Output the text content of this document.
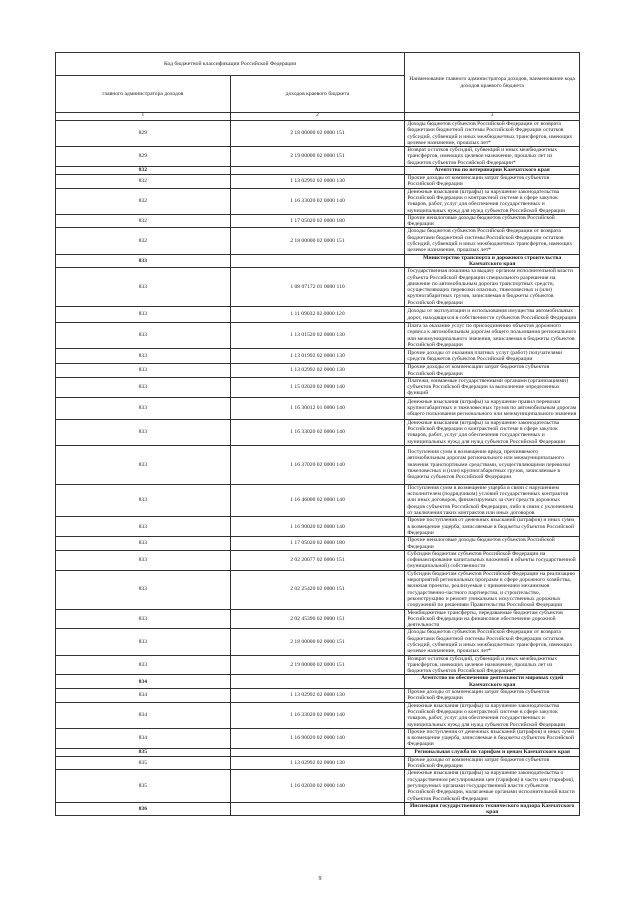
Код бюджетной классификации Российской Федерации		Наименование главного администратора доходов, наименование кода доходов краевого бюджета
главного администратора доходов	доходов краевого бюджета	
1	2	3
829	2 18 00000 02 0000 151	Доходы бюджетов субъектов Российской Федерации от возврата бюджетами бюджетной системы Российской Федерации остатков субсидий, субвенций и иных межбюджетных трансфертов, имеющих целевое назначение, прошлых лет*
829	2 19 00000 02 0000 151	Возврат остатков субсидий, субвенций и иных межбюджетных трансфертов, имеющих целевое назначение, прошлых лет из бюджетов субъектов Российской Федерации*
832		Агентство по ветеринарии Камчатского края
832	1 13 02992 02 0000 130	Прочие доходы от компенсации затрат бюджетов субъектов Российской Федерации
832	1 16 33020 02 0000 140	Денежные взыскания (штрафы) за нарушение законодательства Российской Федерации о контрактной системе в сфере закупок товаров, работ, услуг для обеспечения государственных и муниципальных нужд для нужд субъектов Российской Федерации
832	1 17 05020 02 0000 180	Прочие неналоговые доходы бюджетов субъектов Российской Федерации
832	2 18 00000 02 0000 151	Доходы бюджетов субъектов Российской Федерации от возврата бюджетами бюджетной системы Российской Федерации остатков субсидий, субвенций и иных межбюджетных трансфертов, имеющих целевое назначение, прошлых лет*
833		Министерство транспорта и дорожного строительства Камчатского края
833	1 08 07172 01 0000 110	Государственная пошлина за выдачу органом исполнительной власти субъекта Российской Федерации специального разрешения на движение по автомобильным дорогам транспортных средств, осуществляющих перевозки опасных, тяжеловесных и (или) крупногабаритных грузов, зачисляемая в бюджеты субъектов Российской Федерации
833	1 11 09032 02 0000 120	Доходы от эксплуатации и использования имущества автомобильных дорог, находящихся в собственности субъектов Российской Федерации
833	1 13 01520 02 0000 130	Плата за оказание услуг по присоединению объектов дорожного сервиса к автомобильным дорогам общего пользования регионального или межмуниципального значения, зачисляемая в бюджеты субъектов Российской Федерации
833	1 13 01992 02 0000 130	Прочие доходы от оказания платных услуг (работ) получателями средств бюджетов субъектов Российской Федерации
833	1 13 02992 02 0000 130	Прочие доходы от компенсации затрат бюджетов субъектов Российской Федерации
833	1 15 02020 02 0000 140	Платежи, взимаемые государственными органами (организациями) субъектов Российской Федерации за выполнение определенных функций
833	1 16 30012 01 0000 140	Денежные взыскания (штрафы) за нарушение правил перевозки крупногабаритных и тяжеловесных грузов по автомобильным дорогам общего пользования регионального или межмуниципального значения
833	1 16 33020 02 0000 140	Денежные взыскания (штрафы) за нарушение законодательства Российской Федерации о контрактной системе в сфере закупок товаров, работ, услуг для обеспечения государственных и муниципальных нужд для нужд субъектов Российской Федерации
833	1 16 37020 02 0000 140	Поступления сумм в возмещение вреда, причиняемого автомобильным дорогам регионального или межмуниципального значения транспортными средствами, осуществляющими перевозки тяжеловесных и (или) крупногабаритных грузов, зачисляемые в бюджеты субъектов Российской Федерации
833	1 16 46000 02 0000 140	Поступления сумм в возмещение ущерба в связи с нарушением исполнителем (подрядчиком) условий государственных контрактов или иных договоров, финансируемых за счет средств дорожных фондов субъектов Российской Федерации, либо в связи с уклонением от заключения таких контрактов или иных договоров
833	1 16 90020 02 0000 140	Прочие поступления от денежных взысканий (штрафов) и иных сумм в возмещение ущерба, зачисляемые в бюджеты субъектов Российской Федерации
833	1 17 05020 02 0000 180	Прочие неналоговые доходы бюджетов субъектов Российской Федерации
833	2 02 20077 02 0000 151	Субсидии бюджетам субъектов Российской Федерации на софинансирование капитальных вложений в объекты государственной (муниципальной) собственности
833	2 02 25420 02 0000 151	Субсидии бюджетам субъектов Российской Федерации на реализацию мероприятий региональных программ в сфере дорожного хозяйства, включая проекты, реализуемые с применением механизмов государственно-частного партнерства, и строительство, реконструкцию и ремонт уникальных искусственных дорожных сооружений по решениям Правительства Российской Федерации
833	2 02 45390 02 0000 151	Межбюджетные трансферты, передаваемые бюджетам субъектов Российской Федерации на финансовое обеспечение дорожной деятельности
833	2 18 00000 02 0000 151	Доходы бюджетов субъектов Российской Федерации от возврата бюджетами бюджетной системы Российской Федерации остатков субсидий, субвенций и иных межбюджетных трансфертов, имеющих целевое назначение, прошлых лет*
833	2 19 00000 02 0000 151	Возврат остатков субсидий, субвенций и иных межбюджетных трансфертов, имеющих целевое назначение, прошлых лет из бюджетов субъектов Российской Федерации*
834		Агентство по обеспечению деятельности мировых судей Камчатского края
834	1 13 02992 02 0000 130	Прочие доходы от компенсации затрат бюджетов субъектов Российской Федерации
834	1 16 33020 02 0000 140	Денежные взыскания (штрафы) за нарушение законодательства Российской Федерации о контрактной системе в сфере закупок товаров, работ, услуг для обеспечения государственных и муниципальных нужд для нужд субъектов Российской Федерации
834	1 16 90020 02 0000 140	Прочие поступления от денежных взысканий (штрафов) и иных сумм в возмещение ущерба, зачисляемые в бюджеты субъектов Российской Федерации
835		Региональная служба по тарифам и ценам Камчатского края
835	1 13 02992 02 0000 130	Прочие доходы от компенсации затрат бюджетов субъектов Российской Федерации
835	1 16 02030 02 0000 140	Денежные взыскания (штрафы) за нарушение законодательства о государственном регулировании цен (тарифов) в части цен (тарифов), регулируемых органами государственной власти субъектов Российской Федерации, налагаемые органами исполнительной власти субъектов Российской Федерации
836		Инспекция государственного технического надзора Камчатского края
9
